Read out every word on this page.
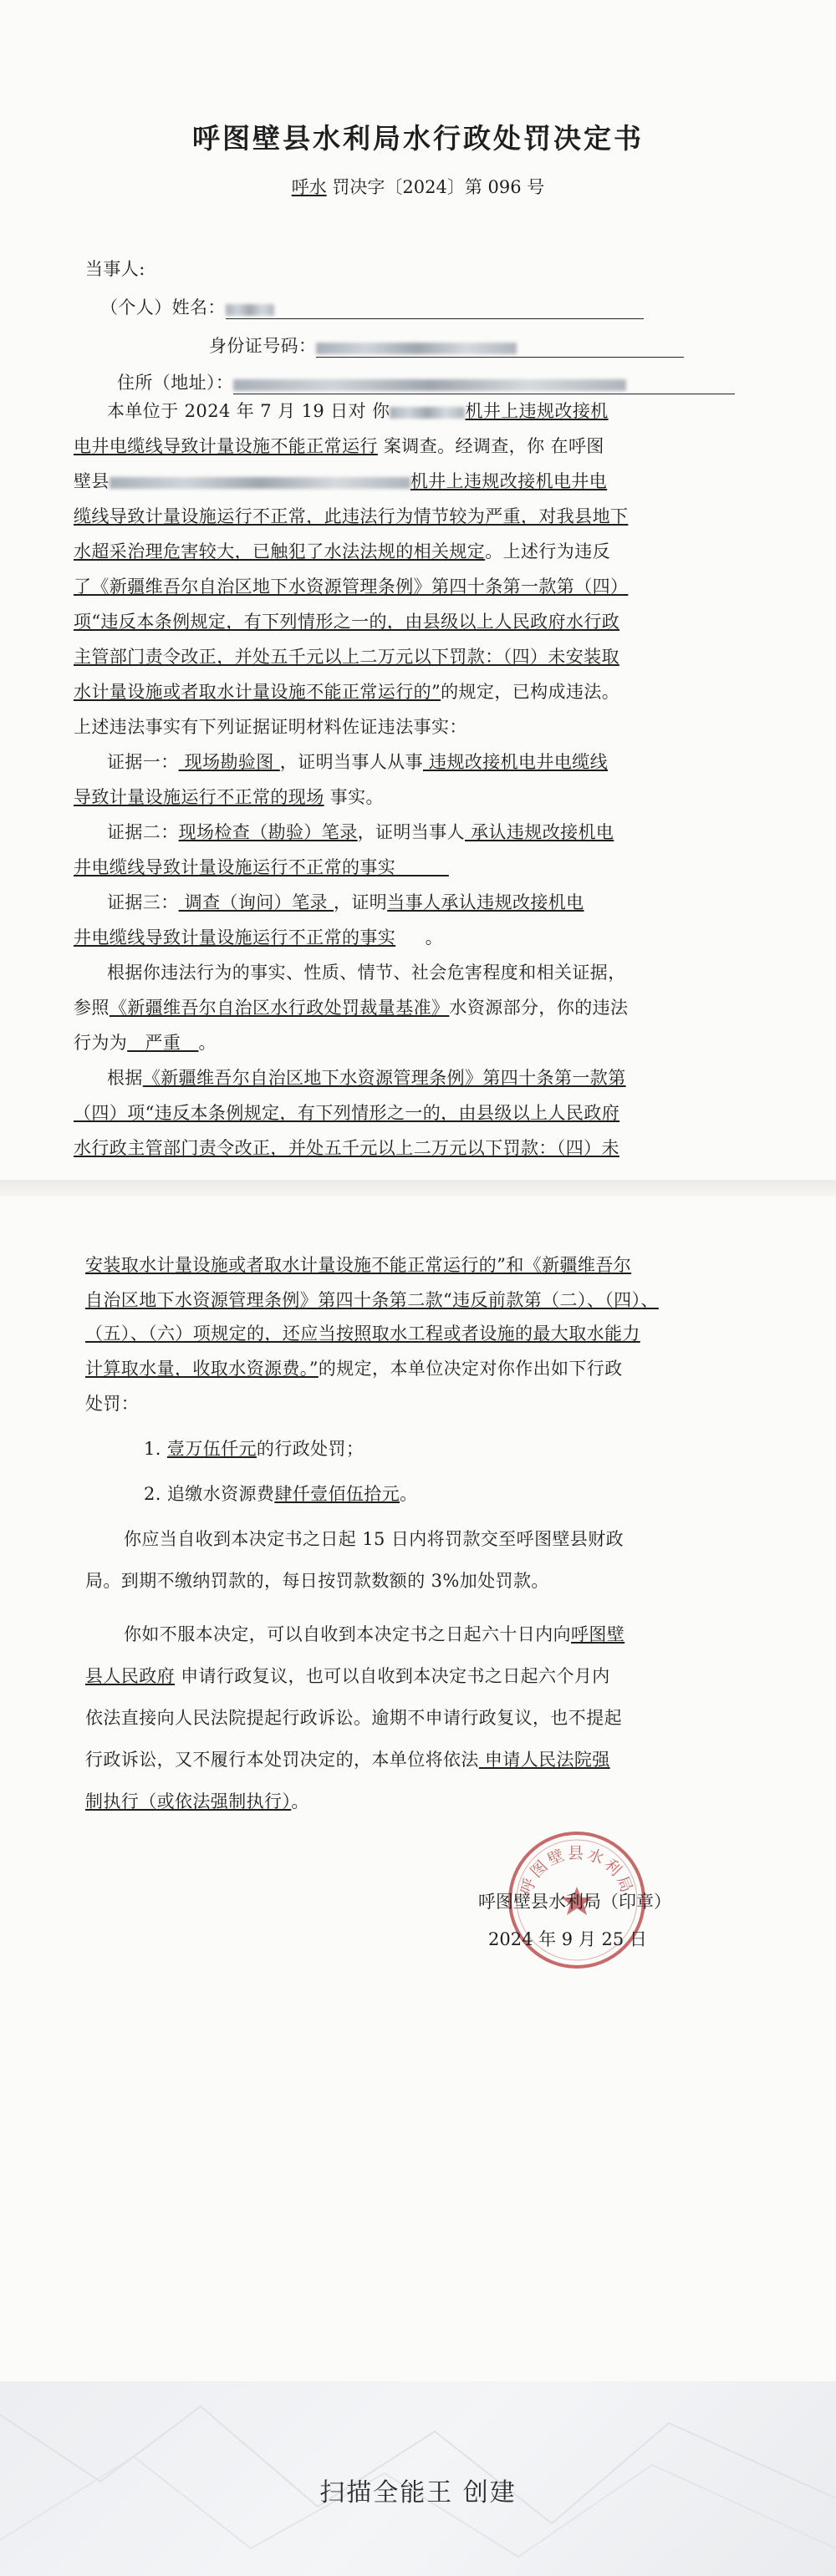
呼图壁县水利局水行政处罚决定书
呼水 罚决字〔2024〕第 096 号
当事人:
（个人）姓名：
身份证号码：
住所（地址）：
本单位于 2024 年 7 月 19 日对 你	机井上违规改接机
电井电缆线导致计量设施不能正常运行 案调查。经调查，你 在呼图
壁县	机井上违规改接机电井电
缆线导致计量设施运行不正常，此违法行为情节较为严重，对我县地下
水超采治理危害较大，已触犯了水法法规的相关规定。上述行为违反
了《新疆维吾尔自治区地下水资源管理条例》第四十条第一款第（四）
项“违反本条例规定，有下列情形之一的，由县级以上人民政府水行政
主管部门责令改正，并处五千元以上二万元以下罚款：（四）未安装取
水计量设施或者取水计量设施不能正常运行的”的规定，已构成违法。
上述违法事实有下列证据证明材料佐证违法事实：
证据一： 现场勘验图 ，证明当事人从事 违规改接机电井电缆线
导致计量设施运行不正常的现场 事实。
证据二：现场检查（勘验）笔录，证明当事人 承认违规改接机电
井电缆线导致计量设施运行不正常的事实
证据三： 调查（询问）笔录 ，证明当事人承认违规改接机电
井电缆线导致计量设施运行不正常的事实     。
根据你违法行为的事实、性质、情节、社会危害程度和相关证据，
参照《新疆维吾尔自治区水行政处罚裁量基准》水资源部分，你的违法
行为为   严重   。
根据《新疆维吾尔自治区地下水资源管理条例》第四十条第一款第
（四）项“违反本条例规定，有下列情形之一的，由县级以上人民政府
水行政主管部门责令改正，并处五千元以上二万元以下罚款：（四）未
安装取水计量设施或者取水计量设施不能正常运行的”和《新疆维吾尔
自治区地下水资源管理条例》第四十条第二款“违反前款第（二）、（四）、
（五）、（六）项规定的，还应当按照取水工程或者设施的最大取水能力
计算取水量，收取水资源费。”的规定，本单位决定对你作出如下行政
处罚：
1. 壹万伍仟元的行政处罚；
2. 追缴水资源费肆仟壹佰伍拾元。
你应当自收到本决定书之日起 15 日内将罚款交至呼图壁县财政
局。到期不缴纳罚款的，每日按罚款数额的 3%加处罚款。
你如不服本决定，可以自收到本决定书之日起六十日内向呼图壁
县人民政府 申请行政复议，也可以自收到本决定书之日起六个月内
依法直接向人民法院提起行政诉讼。逾期不申请行政复议，也不提起
行政诉讼，又不履行本处罚决定的，本单位将依法 申请人民法院强
制执行（或依法强制执行）。
呼图壁县水利局
呼图壁县水利局（印章）
2024 年 9 月 25 日
扫描全能王 创建
